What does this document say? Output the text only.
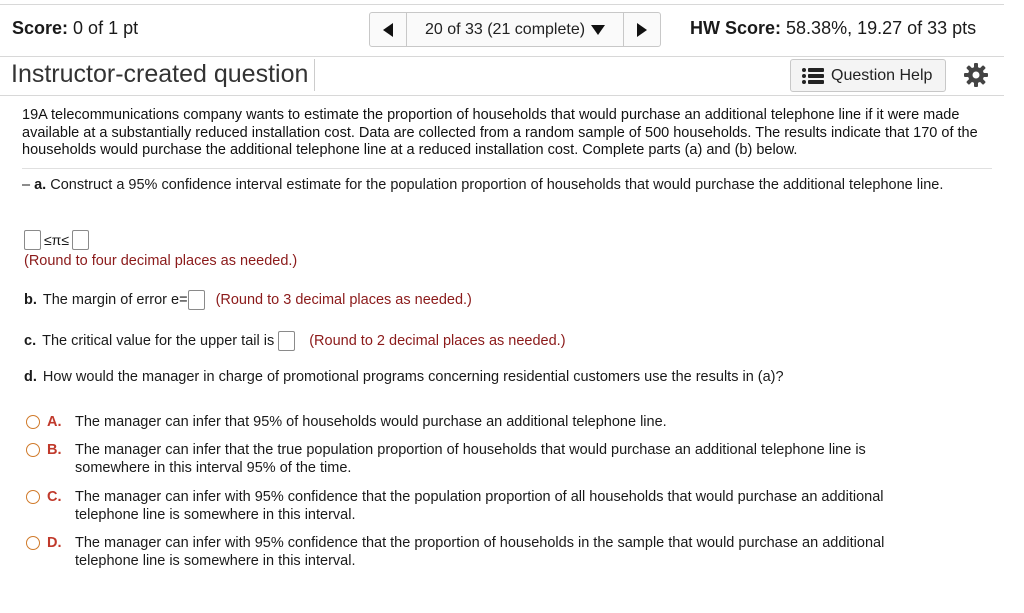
Score: 0 of 1 pt	20 of 33 (21 complete)	HW Score: 58.38%, 19.27 of 33 pts
Instructor-created question	Question Help
19A telecommunications company wants to estimate the proportion of households that would purchase an additional telephone line if it were made available at a substantially reduced installation cost. Data are collected from a random sample of 500 households. The results indicate that 170 of the households would purchase the additional telephone line at a reduced installation cost. Complete parts (a) and (b) below.
– a. Construct a 95% confidence interval estimate for the population proportion of households that would purchase the additional telephone line.
≤π≤
(Round to four decimal places as needed.)
b. The margin of error e= (Round to 3 decimal places as needed.)
c. The critical value for the upper tail is (Round to 2 decimal places as needed.)
d. How would the manager in charge of promotional programs concerning residential customers use the results in (a)?
A. The manager can infer that 95% of households would purchase an additional telephone line.
B. The manager can infer that the true population proportion of households that would purchase an additional telephone line is somewhere in this interval 95% of the time.
C. The manager can infer with 95% confidence that the population proportion of all households that would purchase an additional telephone line is somewhere in this interval.
D. The manager can infer with 95% confidence that the proportion of households in the sample that would purchase an additional telephone line is somewhere in this interval.
